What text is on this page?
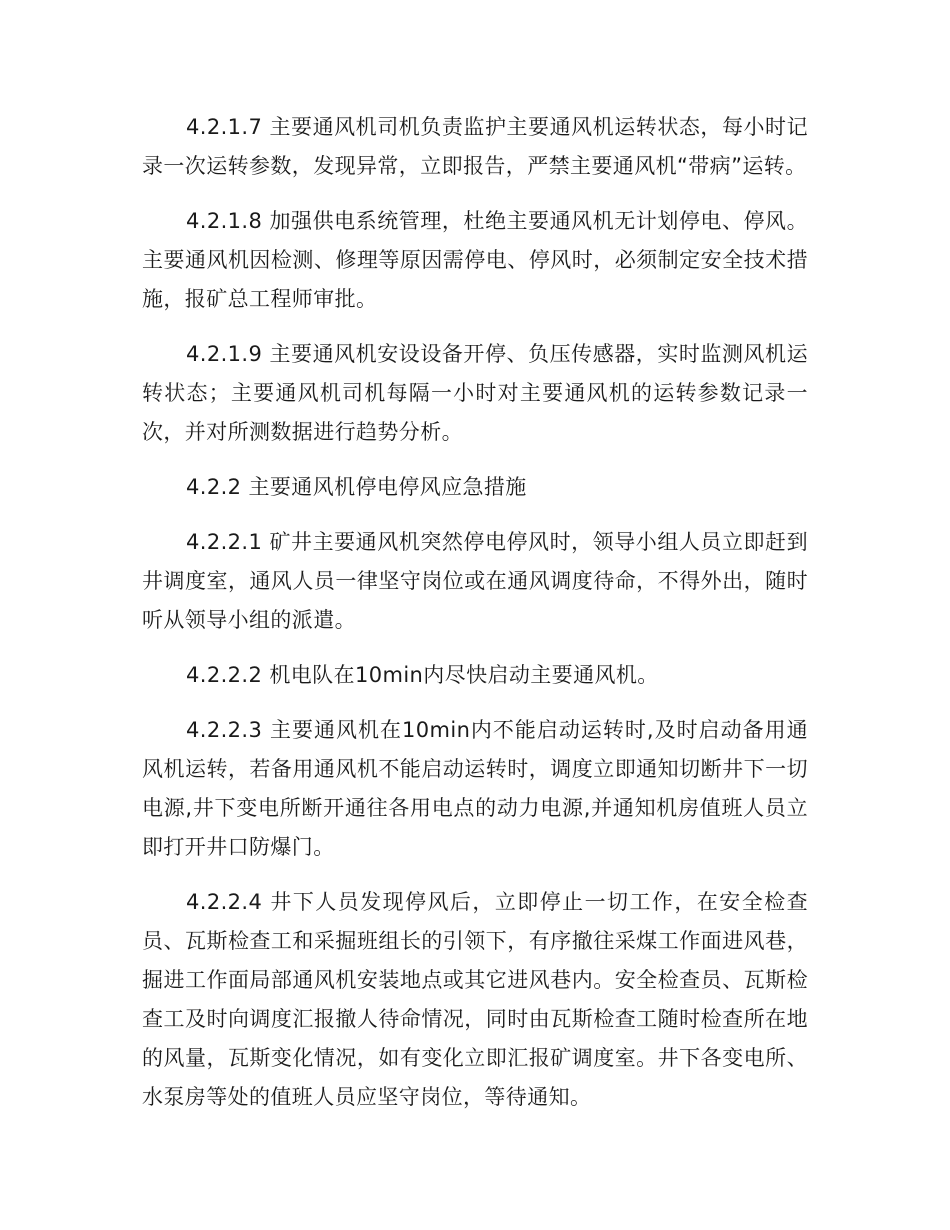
4.2.1.7 主要通风机司机负责监护主要通风机运转状态，每小时记录一次运转参数，发现异常，立即报告，严禁主要通风机“带病”运转。

4.2.1.8 加强供电系统管理，杜绝主要通风机无计划停电、停风。主要通风机因检测、修理等原因需停电、停风时，必须制定安全技术措施，报矿总工程师审批。

4.2.1.9 主要通风机安设设备开停、负压传感器，实时监测风机运转状态；主要通风机司机每隔一小时对主要通风机的运转参数记录一次，并对所测数据进行趋势分析。

4.2.2 主要通风机停电停风应急措施

4.2.2.1 矿井主要通风机突然停电停风时，领导小组人员立即赶到井调度室，通风人员一律坚守岗位或在通风调度待命，不得外出，随时听从领导小组的派遣。

4.2.2.2 机电队在10min内尽快启动主要通风机。

4.2.2.3 主要通风机在10min内不能启动运转时,及时启动备用通风机运转，若备用通风机不能启动运转时，调度立即通知切断井下一切电源,井下变电所断开通往各用电点的动力电源,并通知机房值班人员立即打开井口防爆门。

4.2.2.4 井下人员发现停风后，立即停止一切工作，在安全检查员、瓦斯检查工和采掘班组长的引领下，有序撤往采煤工作面进风巷，掘进工作面局部通风机安装地点或其它进风巷内。安全检查员、瓦斯检查工及时向调度汇报撤人待命情况，同时由瓦斯检查工随时检查所在地的风量，瓦斯变化情况，如有变化立即汇报矿调度室。井下各变电所、水泵房等处的值班人员应坚守岗位，等待通知。
